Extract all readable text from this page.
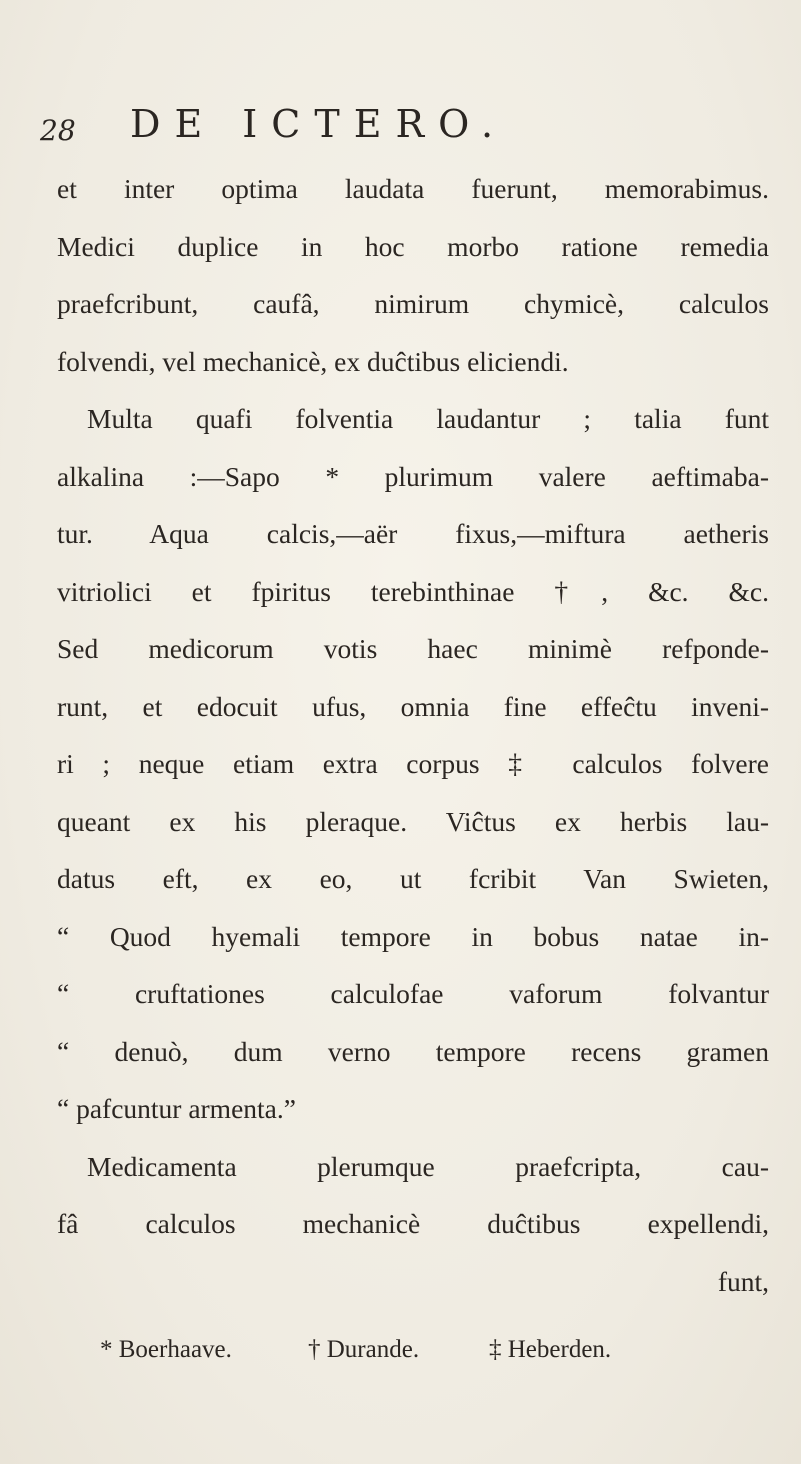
28 DE ICTERO.
et inter optima laudata fuerunt, memorabimus.
Medici duplice in hoc morbo ratione remedia
praefcribunt, caufâ, nimirum chymicè, calculos
folvendi, vel mechanicè, ex duĉtibus eliciendi.
Multa quafi folventia laudantur ; talia funt
alkalina :—Sapo * plurimum valere aeftimaba-
tur. Aqua calcis,—aër fixus,—miftura aetheris
vitriolici et fpiritus terebinthinae †, &c. &c.
Sed medicorum votis haec minimè refponde-
runt, et edocuit ufus, omnia fine effeĉtu inveni-
ri ; neque etiam extra corpus ‡ calculos folvere
queant ex his pleraque. Viĉtus ex herbis lau-
datus eft, ex eo, ut fcribit Van Swieten,
“ Quod hyemali tempore in bobus natae in-
“ cruftationes calculofae vaforum folvantur
“ denuò, dum verno tempore recens gramen
“ pafcuntur armenta.”
Medicamenta plerumque praefcripta, cau-
fâ calculos mechanicè duĉtibus expellendi,
funt,
* Boerhaave.	† Durande.	‡ Heberden.
